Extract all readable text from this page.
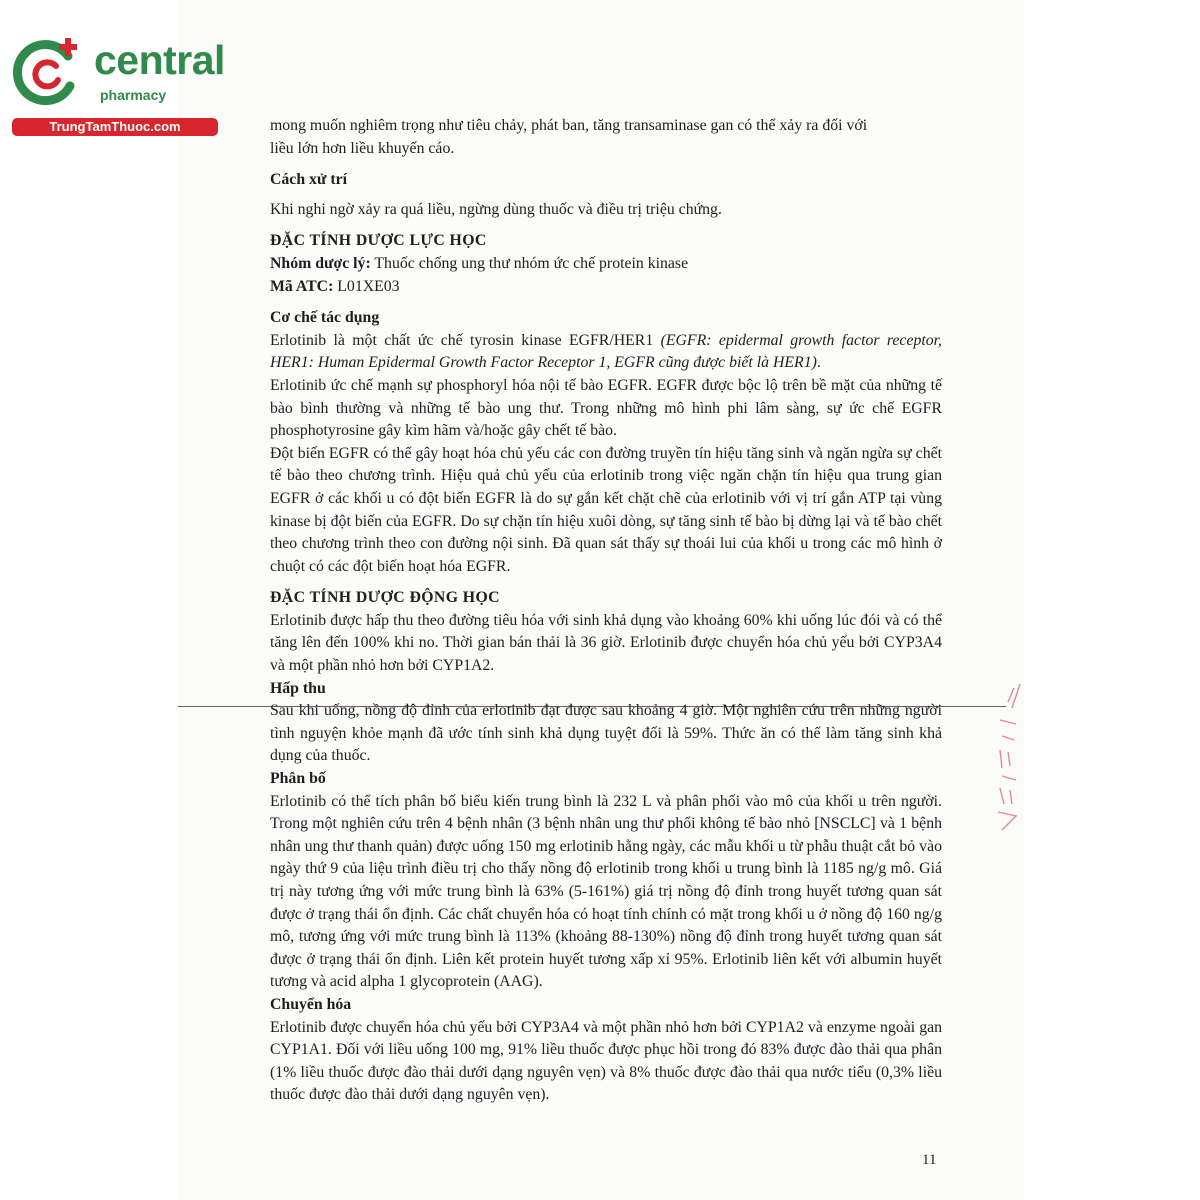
central
pharmacy
TrungTamThuoc.com	mong muốn nghiêm trọng như tiêu chảy, phát ban, tăng transaminase gan có thể xảy ra đối với

liều lớn hơn liều khuyến cáo.

Cách xử trí

Khi nghi ngờ xảy ra quá liều, ngừng dùng thuốc và điều trị triệu chứng.

ĐẶC TÍNH DƯỢC LỰC HỌC

Nhóm dược lý: Thuốc chống ung thư nhóm ức chế protein kinase

Mã ATC: L01XE03

Cơ chế tác dụng

Erlotinib là một chất ức chế tyrosin kinase EGFR/HER1 (EGFR: epidermal growth factor receptor, HER1: Human Epidermal Growth Factor Receptor 1, EGFR cũng được biết là HER1).

Erlotinib ức chế mạnh sự phosphoryl hóa nội tế bào EGFR. EGFR được bộc lộ trên bề mặt của những tế bào bình thường và những tế bào ung thư. Trong những mô hình phi lâm sàng, sự ức chế EGFR phosphotyrosine gây kìm hãm và/hoặc gây chết tế bào.

Đột biến EGFR có thể gây hoạt hóa chủ yếu các con đường truyền tín hiệu tăng sinh và ngăn ngừa sự chết tế bào theo chương trình. Hiệu quả chủ yếu của erlotinib trong việc ngăn chặn tín hiệu qua trung gian EGFR ở các khối u có đột biến EGFR là do sự gắn kết chặt chẽ của erlotinib với vị trí gắn ATP tại vùng kinase bị đột biến của EGFR. Do sự chặn tín hiệu xuôi dòng, sự tăng sinh tế bào bị dừng lại và tế bào chết theo chương trình theo con đường nội sinh. Đã quan sát thấy sự thoái lui của khối u trong các mô hình ở chuột có các đột biến hoạt hóa EGFR.

ĐẶC TÍNH DƯỢC ĐỘNG HỌC

Erlotinib được hấp thu theo đường tiêu hóa với sinh khả dụng vào khoảng 60% khi uống lúc đói và có thể tăng lên đến 100% khi no. Thời gian bán thải là 36 giờ. Erlotinib được chuyển hóa chủ yếu bởi CYP3A4 và một phần nhỏ hơn bởi CYP1A2.

Hấp thu

Sau khi uống, nồng độ đỉnh của erlotinib đạt được sau khoảng 4 giờ. Một nghiên cứu trên những người tình nguyện khỏe mạnh đã ước tính sinh khả dụng tuyệt đối là 59%. Thức ăn có thể làm tăng sinh khả dụng của thuốc.

Phân bố

Erlotinib có thể tích phân bố biểu kiến trung bình là 232 L và phân phối vào mô của khối u trên người. Trong một nghiên cứu trên 4 bệnh nhân (3 bệnh nhân ung thư phổi không tế bào nhỏ [NSCLC] và 1 bệnh nhân ung thư thanh quản) được uống 150 mg erlotinib hằng ngày, các mẫu khối u từ phẫu thuật cắt bỏ vào ngày thứ 9 của liệu trình điều trị cho thấy nồng độ erlotinib trong khối u trung bình là 1185 ng/g mô. Giá trị này tương ứng với mức trung bình là 63% (5-161%) giá trị nồng độ đỉnh trong huyết tương quan sát được ở trạng thái ổn định. Các chất chuyển hóa có hoạt tính chính có mặt trong khối u ở nồng độ 160 ng/g mô, tương ứng với mức trung bình là 113% (khoảng 88-130%) nồng độ đỉnh trong huyết tương quan sát được ở trạng thái ổn định. Liên kết protein huyết tương xấp xỉ 95%. Erlotinib liên kết với albumin huyết tương và acid alpha 1 glycoprotein (AAG).

Chuyển hóa

Erlotinib được chuyển hóa chủ yếu bởi CYP3A4 và một phần nhỏ hơn bởi CYP1A2 và enzyme ngoài gan CYP1A1. Đối với liều uống 100 mg, 91% liều thuốc được phục hồi trong đó 83% được đào thải qua phân (1% liều thuốc được đào thải dưới dạng nguyên vẹn) và 8% thuốc được đào thải qua nước tiểu (0,3% liều thuốc được đào thải dưới dạng nguyên vẹn).

11
